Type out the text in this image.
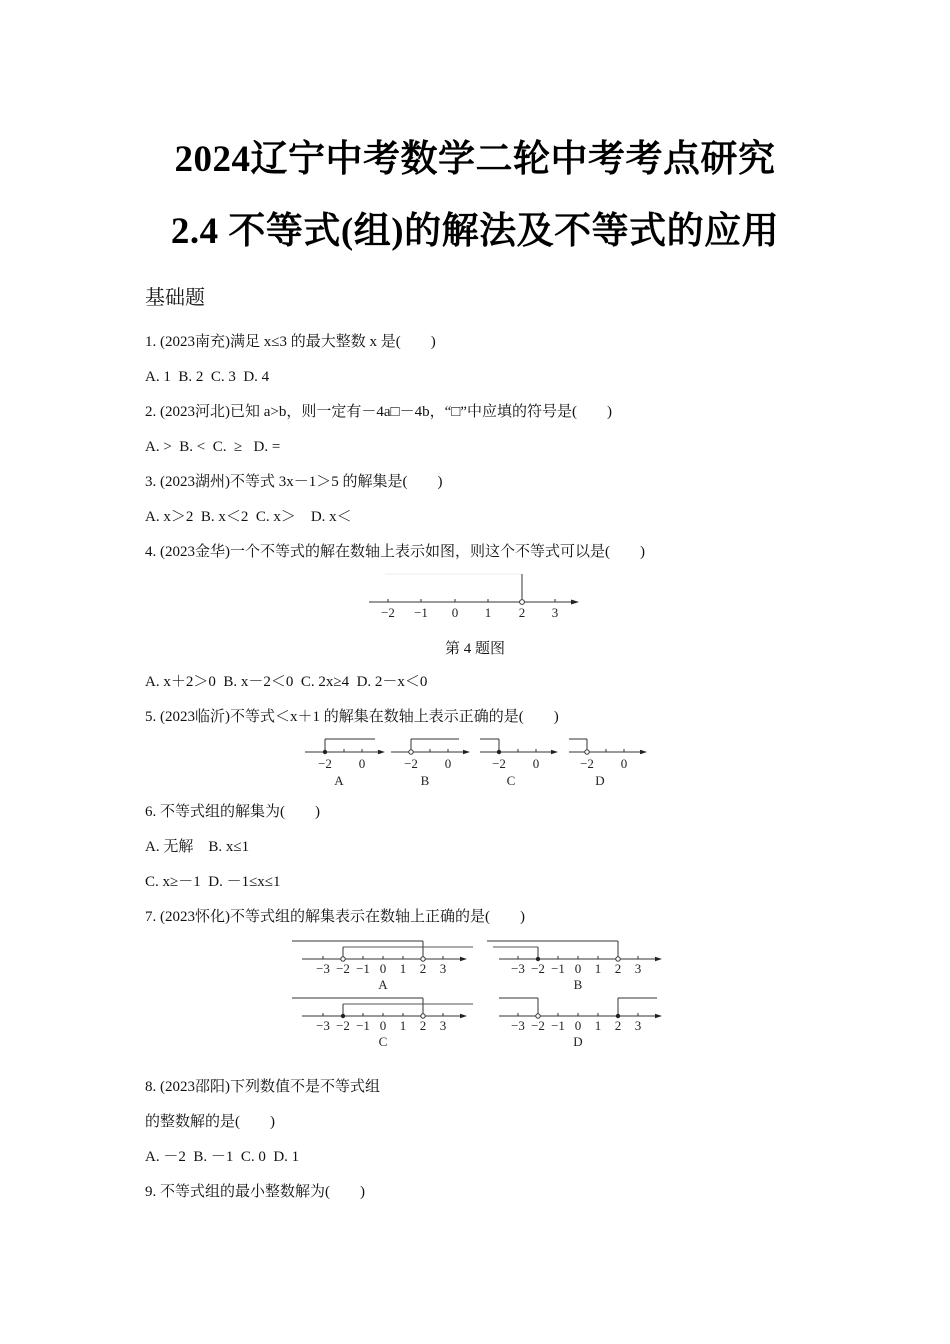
2024辽宁中考数学二轮中考考点研究
2.4 不等式(组)的解法及不等式的应用
基础题
1. (2023南充)满足 x≤3 的最大整数 x 是(        )
A. 1  B. 2  C. 3  D. 4
2. (2023河北)已知 a>b，则一定有－4a□－4b，“□”中应填的符号是(        )
A. >  B. <  C.  ≥   D. =
3. (2023湖州)不等式 3x－1＞5 的解集是(        )
A. x＞2  B. x＜2  C. x＞    D. x＜
4. (2023金华)一个不等式的解在数轴上表示如图，则这个不等式可以是(        )
−2 −1 0 1 2 3
第 4 题图
A. x＋2＞0  B. x－2＜0  C. 2x≥4  D. 2－x＜0
5. (2023临沂)不等式＜x＋1 的解集在数轴上表示正确的是(        )
−2 0
A
−2 0
B
−2 0
C
−2 0
D
6. 不等式组的解集为(        )
A. 无解    B. x≤1
C. x≥－1  D. －1≤x≤1
7. (2023怀化)不等式组的解集表示在数轴上正确的是(        )
−3 −2 −1 0 1 2 3
A
−3 −2 −1 0 1 2 3
B
−3 −2 −1 0 1 2 3
C
−3 −2 −1 0 1 2 3
D
8. (2023邵阳)下列数值不是不等式组
的整数解的是(        )
A. －2  B. －1  C. 0  D. 1
9. 不等式组的最小整数解为(        )
